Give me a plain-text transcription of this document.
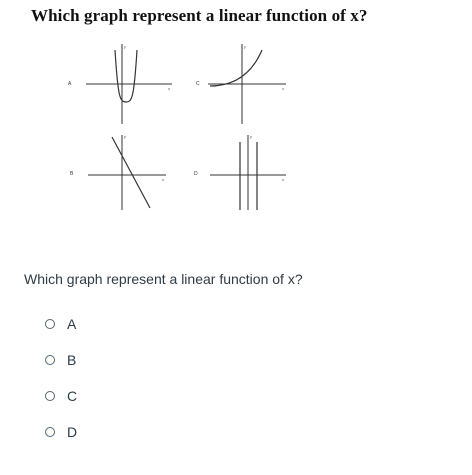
Which graph represent a linear function of x?
A
x
y
C
x
y
B
x
y
D
x
y

Which graph represent a linear function of x?

A
B
C
D
